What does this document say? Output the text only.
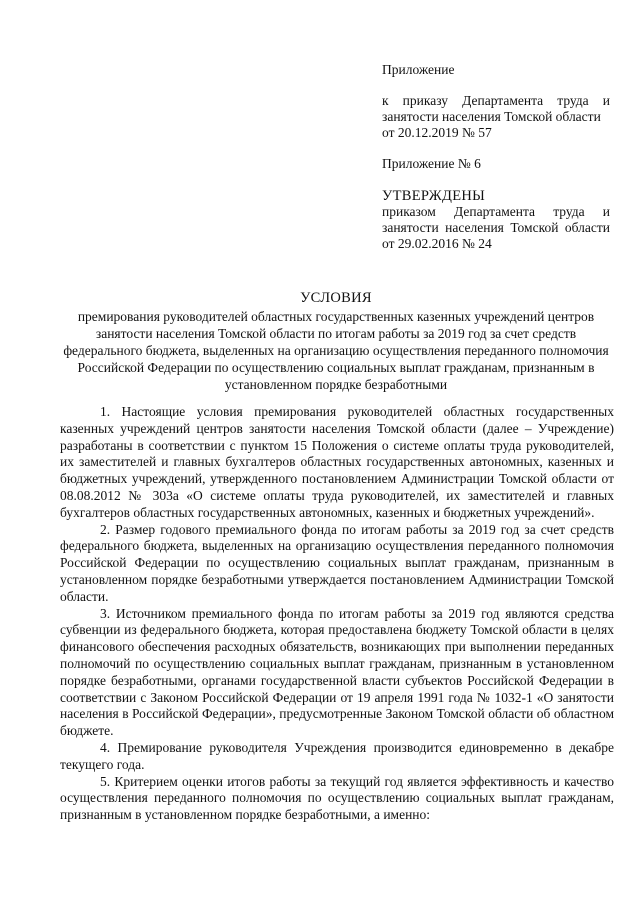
Приложение

к приказу Департамента труда и занятости населения Томской области

от 20.12.2019 № 57

Приложение № 6

УТВЕРЖДЕНЫ

приказом Департамента труда и занятости населения Томской области от 29.02.2016 № 24

УСЛОВИЯ

премирования руководителей областных государственных казенных учреждений центров занятости населения Томской области по итогам работы за 2019 год за счет средств федерального бюджета, выделенных на организацию осуществления переданного полномочия Российской Федерации по осуществлению социальных выплат гражданам, признанным в установленном порядке безработными

1. Настоящие условия премирования руководителей областных государственных казенных учреждений центров занятости населения Томской области (далее – Учреждение) разработаны в соответствии с пунктом 15 Положения о системе оплаты труда руководителей, их заместителей и главных бухгалтеров областных государственных автономных, казенных и бюджетных учреждений, утвержденного постановлением Администрации Томской области от 08.08.2012 № 303а «О системе оплаты труда руководителей, их заместителей и главных бухгалтеров областных государственных автономных, казенных и бюджетных учреждений».

2. Размер годового премиального фонда по итогам работы за 2019 год за счет средств федерального бюджета, выделенных на организацию осуществления переданного полномочия Российской Федерации по осуществлению социальных выплат гражданам, признанным в установленном порядке безработными утверждается постановлением Администрации Томской области.

3. Источником премиального фонда по итогам работы за 2019 год являются средства субвенции из федерального бюджета, которая предоставлена бюджету Томской области в целях финансового обеспечения расходных обязательств, возникающих при выполнении переданных полномочий по осуществлению социальных выплат гражданам, признанным в установленном порядке безработными, органами государственной власти субъектов Российской Федерации в соответствии с Законом Российской Федерации от 19 апреля 1991 года № 1032-1 «О занятости населения в Российской Федерации», предусмотренные Законом Томской области об областном бюджете.

4. Премирование руководителя Учреждения производится единовременно в декабре текущего года.

5. Критерием оценки итогов работы за текущий год является эффективность и качество осуществления переданного полномочия по осуществлению социальных выплат гражданам, признанным в установленном порядке безработными, а именно:
